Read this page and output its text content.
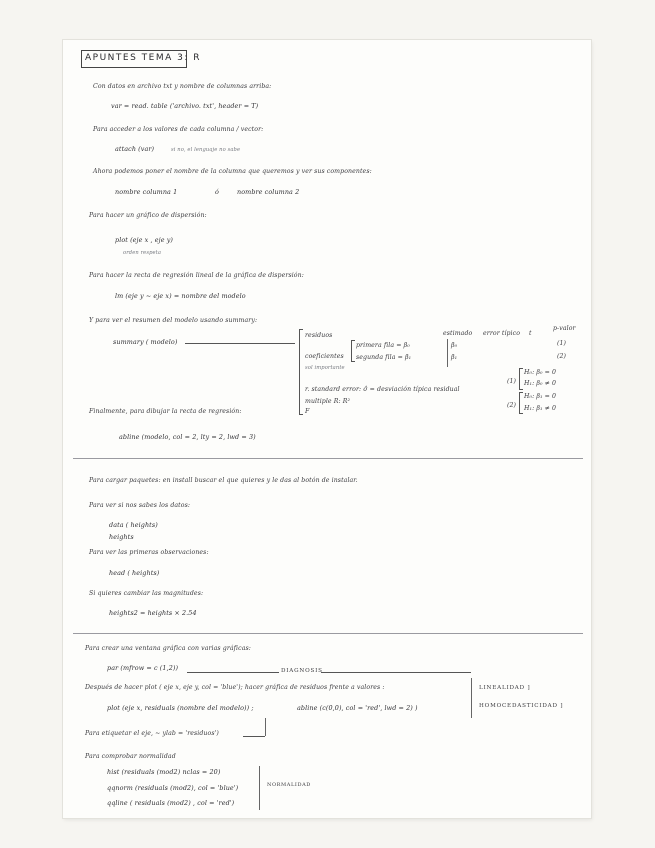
APUNTES TEMA 3: R
Con datos en archivo txt y nombre de columnas arriba:
var = read. table ('archivo. txt', header = T)
Para acceder a los valores de cada columna / vector:
attach (var)	si no, el lenguaje no sabe
Ahora podemos poner el nombre de la columna que queremos y ver sus componentes:
nombre columna 1	ó	nombre columna 2
Para hacer un gráfico de dispersión:
plot (eje x , eje y)
orden respeta
Para hacer la recta de regresión lineal de la gráfica de dispersión:
lm (eje y ~ eje x) = nombre del modelo
Y para ver el resumen del modelo usando summary:
summary ( modelo)
residuos
coeficientes
sol importante
primera fila = β₀
segunda fila = β₁
estimado error típico t
p-valor
β₀
β₁
(1)
(2)
r. standard error: σ̂ = desviación típica residual
multiple R: R²
F
(1)
H₀: β₀ = 0
H₁: β₀ ≠ 0
(2)
H₀: β₁ = 0
H₁: β₁ ≠ 0
Finalmente, para dibujar la recta de regresión:
abline (modelo, col = 2, lty = 2, lwd = 3)
Para cargar paquetes: en install buscar el que quieres y le das al botón de instalar.
Para ver si nos sabes los datos:
data ( heights)
heights
Para ver las primeras observaciones:
head ( heights)
Si quieres cambiar las magnitudes:
heights2 = heights × 2.54
Para crear una ventana gráfica con varias gráficas:
par (mfrow = c (1,2))	DIAGNOSIS
Después de hacer plot ( eje x, eje y, col = 'blue'); hacer gráfica de residuos frente a valores :
plot (eje x, residuals (nombre del modelo)) ;	abline (c(0,0), col = 'red', lwd = 2) )
LINEALIDAD ]
HOMOCEDASTICIDAD ]
Para etiquetar el eje, ~ ylab = 'residuos')
Para comprobar normalidad
hist (residuals (mod2) nclas = 20)
qqnorm (residuals (mod2), col = 'blue')
qqline ( residuals (mod2) , col = 'red')
NORMALIDAD
